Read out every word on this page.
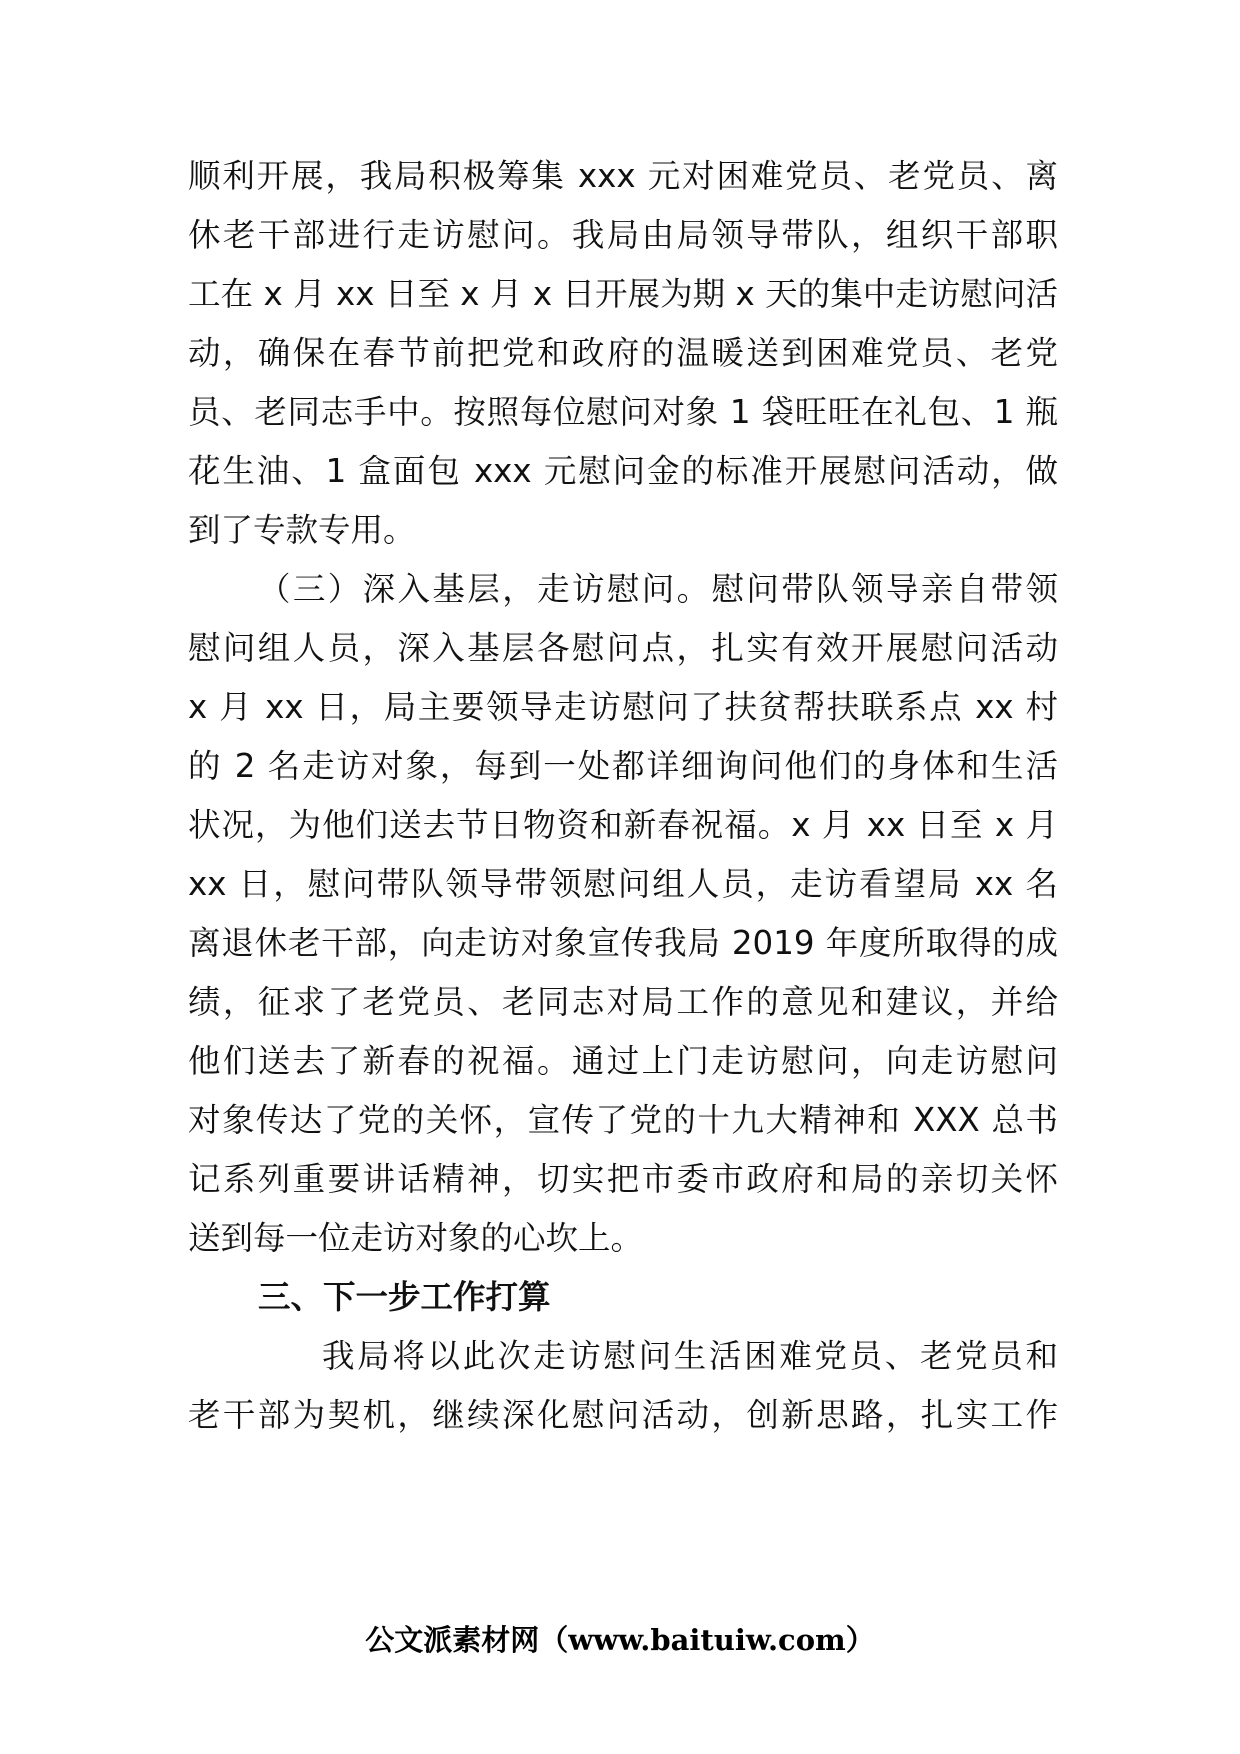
顺利开展，我局积极筹集 xxx 元对困难党员、老党员、离
休老干部进行走访慰问。我局由局领导带队，组织干部职
工在 x 月 xx 日至 x 月 x 日开展为期 x 天的集中走访慰问活
动，确保在春节前把党和政府的温暖送到困难党员、老党
员、老同志手中。按照每位慰问对象 1 袋旺旺在礼包、1 瓶
花生油、1 盒面包 xxx 元慰问金的标准开展慰问活动，做
到了专款专用。
（三）深入基层，走访慰问。慰问带队领导亲自带领
慰问组人员，深入基层各慰问点，扎实有效开展慰问活动
x 月 xx 日，局主要领导走访慰问了扶贫帮扶联系点 xx 村
的 2 名走访对象，每到一处都详细询问他们的身体和生活
状况，为他们送去节日物资和新春祝福。x 月 xx 日至 x 月
xx 日，慰问带队领导带领慰问组人员，走访看望局 xx 名
离退休老干部，向走访对象宣传我局 2019 年度所取得的成
绩，征求了老党员、老同志对局工作的意见和建议，并给
他们送去了新春的祝福。通过上门走访慰问，向走访慰问
对象传达了党的关怀，宣传了党的十九大精神和 XXX 总书
记系列重要讲话精神，切实把市委市政府和局的亲切关怀
送到每一位走访对象的心坎上。
三、下一步工作打算
我局将以此次走访慰问生活困难党员、老党员和
老干部为契机，继续深化慰问活动，创新思路，扎实工作
公文派素材网（www.baituiw.com）
